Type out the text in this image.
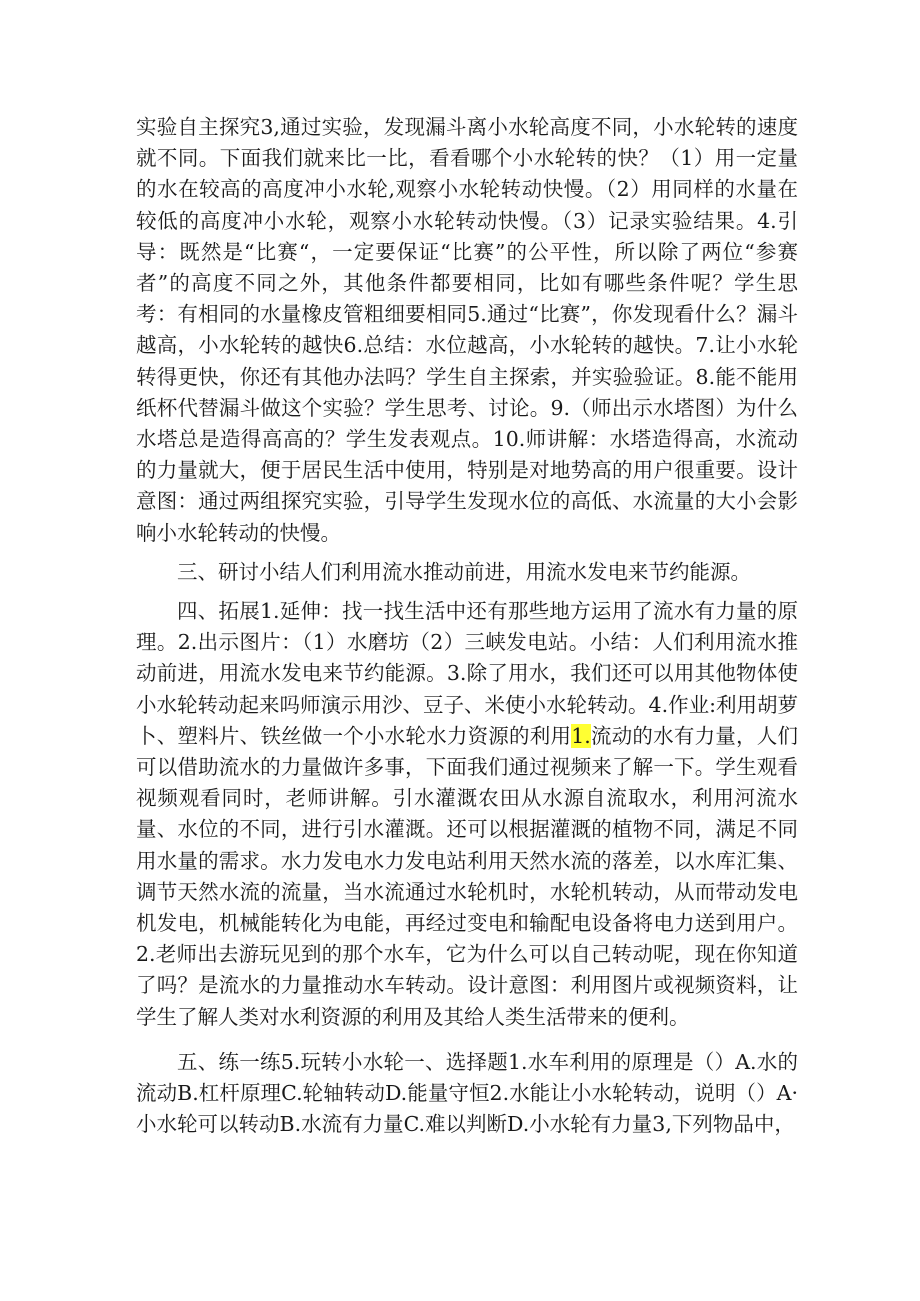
实验自主探究3,通过实验，发现漏斗离小水轮高度不同，小水轮转的速度就不同。下面我们就来比一比，看看哪个小水轮转的快？（1）用一定量的水在较高的高度冲小水轮,观察小水轮转动快慢。（2）用同样的水量在较低的高度冲小水轮，观察小水轮转动快慢。（3）记录实验结果。4.引导：既然是“比赛“，一定要保证“比赛”的公平性，所以除了两位“参赛者”的高度不同之外，其他条件都要相同，比如有哪些条件呢？学生思考：有相同的水量橡皮管粗细要相同5.通过“比赛”，你发现看什么？漏斗越高，小水轮转的越快6.总结：水位越高，小水轮转的越快。7.让小水轮转得更快，你还有其他办法吗？学生自主探索，并实验验证。8.能不能用纸杯代替漏斗做这个实验？学生思考、讨论。9.（师出示水塔图）为什么水塔总是造得高高的？学生发表观点。10.师讲解：水塔造得高，水流动的力量就大，便于居民生活中使用，特别是对地势高的用户很重要。设计意图：通过两组探究实验，引导学生发现水位的高低、水流量的大小会影响小水轮转动的快慢。

三、研讨小结人们利用流水推动前进，用流水发电来节约能源。

四、拓展1.延伸：找一找生活中还有那些地方运用了流水有力量的原理。2.出示图片：（1）水磨坊（2）三峡发电站。小结：人们利用流水推动前进，用流水发电来节约能源。3.除了用水，我们还可以用其他物体使小水轮转动起来吗师演示用沙、豆子、米使小水轮转动。4.作业:利用胡萝卜、塑料片、铁丝做一个小水轮水力资源的利用1.流动的水有力量，人们可以借助流水的力量做许多事，下面我们通过视频来了解一下。学生观看视频观看同时，老师讲解。引水灌溉农田从水源自流取水，利用河流水量、水位的不同，进行引水灌溉。还可以根据灌溉的植物不同，满足不同用水量的需求。水力发电水力发电站利用天然水流的落差，以水库汇集、调节天然水流的流量，当水流通过水轮机时，水轮机转动，从而带动发电机发电，机械能转化为电能，再经过变电和输配电设备将电力送到用户。2.老师出去游玩见到的那个水车，它为什么可以自己转动呢，现在你知道了吗？是流水的力量推动水车转动。设计意图：利用图片或视频资料，让学生了解人类对水利资源的利用及其给人类生活带来的便利。

五、练一练5.玩转小水轮一、选择题1.水车利用的原理是（）A.水的流动B.杠杆原理C.轮轴转动D.能量守恒2.水能让小水轮转动，说明（）A·小水轮可以转动B.水流有力量C.难以判断D.小水轮有力量3,下列物品中，
